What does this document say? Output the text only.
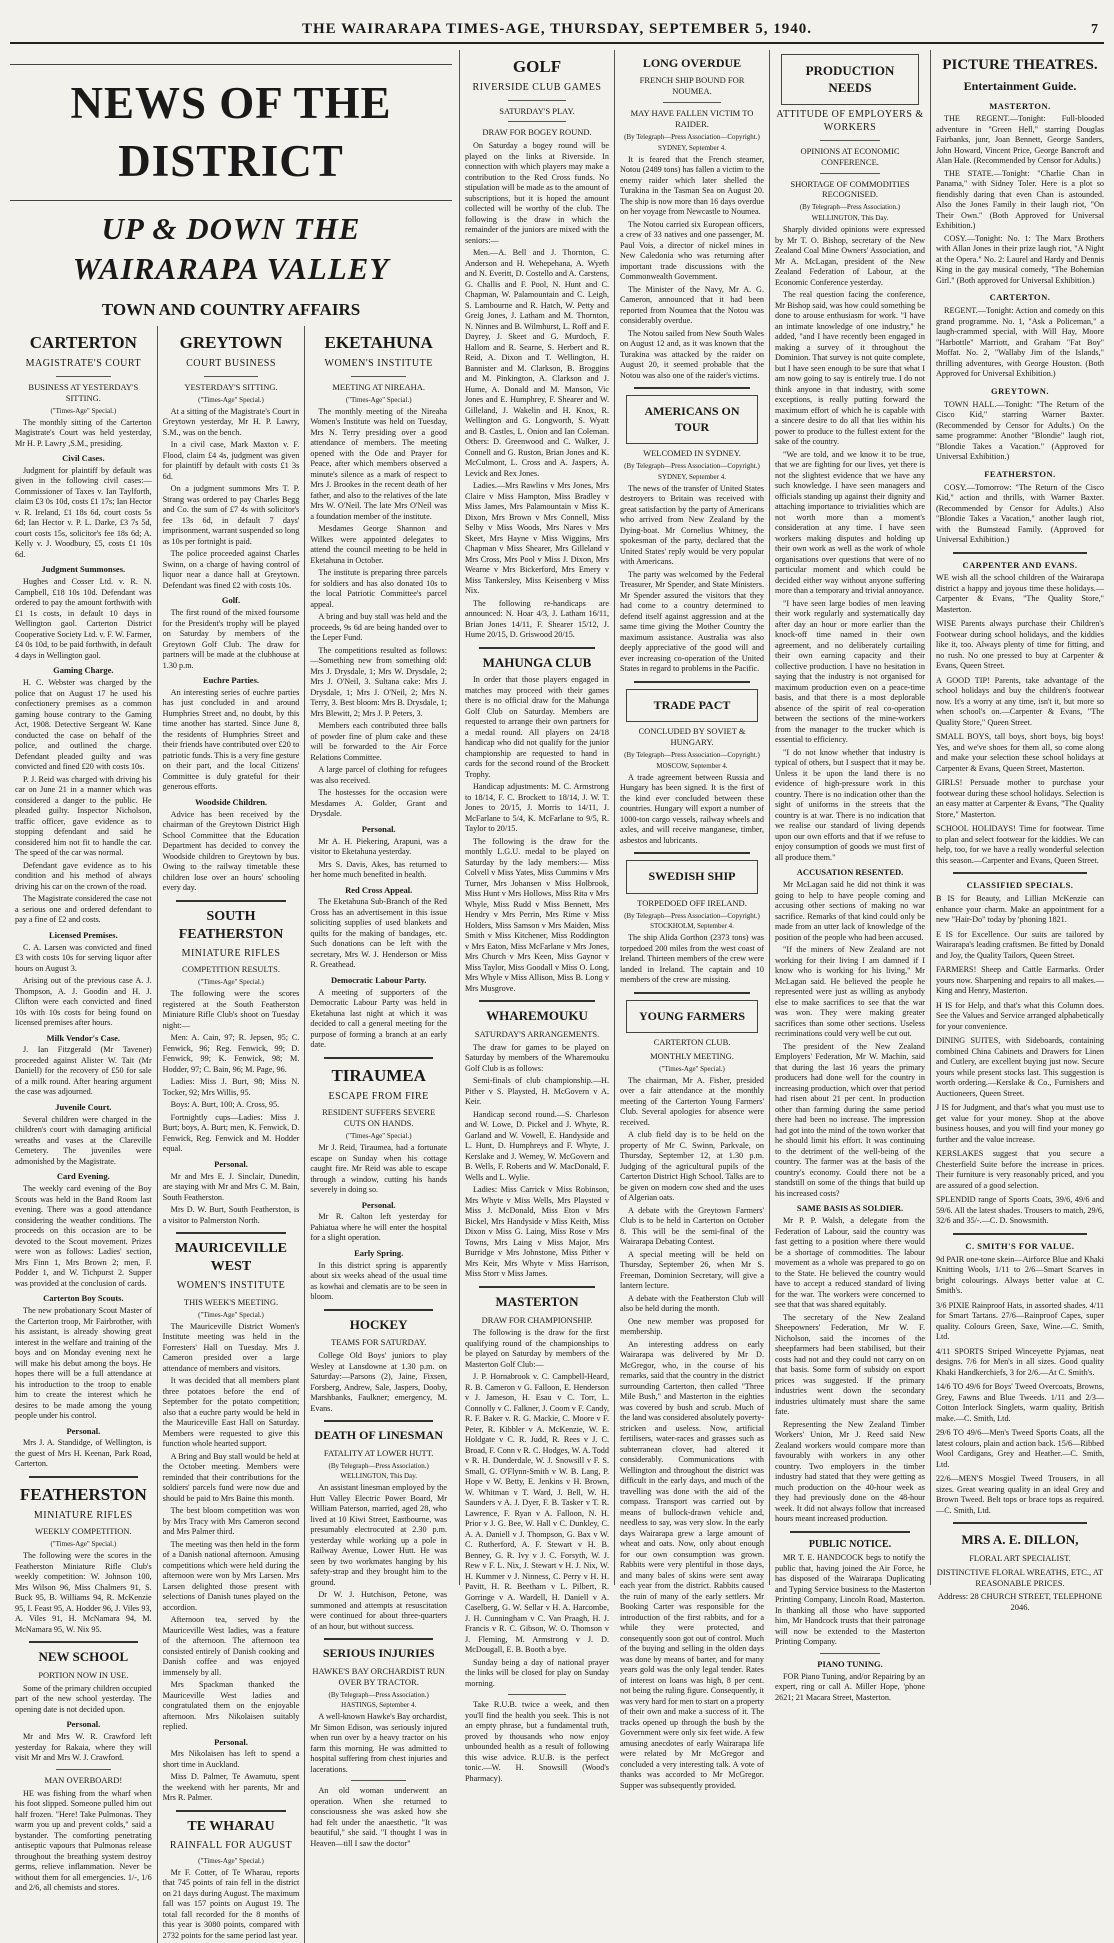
THE WAIRARAPA TIMES-AGE, THURSDAY, SEPTEMBER 5, 1940.	7
NEWS OF THE DISTRICT
UP & DOWN THE WAIRARAPA VALLEY
TOWN AND COUNTRY AFFAIRS
CARTERTON
MAGISTRATE'S COURT
BUSINESS AT YESTERDAY'S SITTING.
("Times-Age" Special.)

The monthly sitting of the Carterton Magistrate's Court was held yesterday, Mr H. P. Lawry ,S.M., presiding.

Civil Cases.

Judgment for plaintiff by default was given in the following civil cases:— Commissioner of Taxes v. Ian Taylforth, claim £3 0s 10d, costs £1 17s; Ian Hector v. R. Ireland, £1 18s 6d, court costs 5s 6d; Ian Hector v. P. L. Darke, £3 7s 5d, court costs 15s, solicitor's fee 18s 6d; A. Kelly v. J. Woodbury, £5, costs £1 10s 6d.

Judgment Summonses.

Hughes and Cosser Ltd. v. R. N. Campbell, £18 10s 10d. Defendant was ordered to pay the amount forthwith with £1 1s costs, in default 10 days in Wellington gaol. Carterton District Cooperative Society Ltd. v. F. W. Farmer, £4 0s 10d, to be paid forthwith, in default 4 days in Wellington gaol.

Gaming Charge.

H. C. Webster was charged by the police that on August 17 he used his confectionery premises as a common gaming house contrary to the Gaming Act, 1908. Detective Sergeant W. Kane conducted the case on behalf of the police, and outlined the charge. Defendant pleaded guilty and was convicted and fined £20 with costs 10s.

P. J. Reid was charged with driving his car on June 21 in a manner which was considered a danger to the public. He pleaded guilty. Inspector Nicholson, traffic officer, gave evidence as to stopping defendant and said he considered him not fit to handle the car. The speed of the car was normal.

Defendant gave evidence as to his condition and his method of always driving his car on the crown of the road.

The Magistrate considered the case not a serious one and ordered defendant to pay a fine of £2 and costs.

Licensed Premises.

C. A. Larsen was convicted and fined £3 with costs 10s for serving liquor after hours on August 3.

Arising out of the previous case A. J. Thompson, A. J. Goodin and H. J. Clifton were each convicted and fined 10s with 10s costs for being found on licensed premises after hours.

Milk Vendor's Case.

J. Ian Fitzgerald (Mr Tavener) proceeded against Alister W. Tait (Mr Daniell) for the recovery of £50 for sale of a milk round. After hearing argument the case was adjourned.

Juvenile Court.

Several children were charged in the children's court with damaging artificial wreaths and vases at the Clareville Cemetery. The juveniles were admonished by the Magistrate.

Card Evening.

The weekly card evening of the Boy Scouts was held in the Band Room last evening. There was a good attendance considering the weather conditions. The proceeds on this occasion are to be devoted to the Scout movement. Prizes were won as follows: Ladies' section, Mrs Finn 1, Mrs Brown 2; men, F. Podder 1, and W. Tichpurst 2. Supper was provided at the conclusion of cards.

Carterton Boy Scouts.

The new probationary Scout Master of the Carterton troop, Mr Fairbrother, with his assistant, is already showing great interest in the welfare and training of the boys and on Monday evening next he will make his debut among the boys. He hopes there will be a full attendance at his introduction to the troop to enable him to create the interest which he desires to be made among the young people under his control.

Personal.

Mrs J. A. Standidge, of Wellington, is the guest of Mrs H. Keenan, Park Road, Carterton.

FEATHERSTON
MINIATURE RIFLES
WEEKLY COMPETITION.
("Times-Age" Special.)

The following were the scores in the Featherston Miniature Rifle Club's weekly competition: W. Johnson 100, Mrs Wilson 96, Miss Chalmers 91, S. Buck 95, B. Williams 94, R. McKenzie 95, I. Feast 95, A. Hodder 96, J. Viles 93, A. Viles 91, H. McNamara 94, M. McNamara 95, W. Nix 95.

NEW SCHOOL
PORTION NOW IN USE.

Some of the primary children occupied part of the new school yesterday. The opening date is not decided upon.

Personal.

Mr and Mrs W. R. Crawford left yesterday for Rakaia, where they will visit Mr and Mrs W. J. Crawford.

MAN OVERBOARD!

HE was fishing from the wharf when his foot slipped. Someone pulled him out half frozen. "Here! Take Pulmonas. They warm you up and prevent colds," said a bystander. The comforting penetrating antiseptic vapours that Pulmonas release throughout the breathing system destroy germs, relieve inflammation. Never be without them for all emergencies. 1/-, 1/6 and 2/6, all chemists and stores.

GREYTOWN
COURT BUSINESS
YESTERDAY'S SITTING.
("Times-Age" Special.)

At a sitting of the Magistrate's Court in Greytown yesterday, Mr H. P. Lawry, S.M., was on the bench.

In a civil case, Mark Maxton v. F. Flood, claim £4 4s, judgment was given for plaintiff by default with costs £1 3s 6d.

On a judgment summons Mrs T. P. Strang was ordered to pay Charles Begg and Co. the sum of £7 4s with solicitor's fee 13s 6d, in default 7 days' imprisonment, warrant suspended so long as 10s per fortnight is paid.

The police proceeded against Charles Swinn, on a charge of having control of liquor near a dance hall at Greytown. Defendant was fined £2 with costs 10s.

Golf.

The first round of the mixed foursome for the President's trophy will be played on Saturday by members of the Greytown Golf Club. The draw for partners will be made at the clubhouse at 1.30 p.m.

Euchre Parties.

An interesting series of euchre parties has just concluded in and around Humphries Street and, no doubt, by this time another has started. Since June 8, the residents of Humphries Street and their friends have contributed over £20 to patriotic funds. This is a very fine gesture on their part, and the local Citizens' Committee is duly grateful for their generous efforts.

Woodside Children.

Advice has been received by the chairman of the Greytown District High School Committee that the Education Department has decided to convey the Woodside children to Greytown by bus. Owing to the railway timetable these children lose over an hours' schooling every day.

SOUTH FEATHERSTON
MINIATURE RIFLES
COMPETITION RESULTS.
("Times-Age" Special.)

The following were the scores registered at the South Featherston Miniature Rifle Club's shoot on Tuesday night:—

Men: A. Cain, 97; R. Jepsen, 95; C. Fenwick, 96; Reg. Fenwick, 99; D. Fenwick, 99; K. Fenwick, 98; M. Hodder, 97; C. Bain, 96; M. Page, 96.

Ladies: Miss J. Burt, 98; Miss N. Tocker, 92; Mrs Willis, 95.

Boys: A. Burt, 100; A. Cross, 95.

Fortnightly cups—Ladies: Miss J. Burt; boys, A. Burt; men, K. Fenwick, D. Fenwick, Reg. Fenwick and M. Hodder equal.

Personal.

Mr and Mrs E. J. Sinclair, Dunedin, are staying with Mr and Mrs C. M. Bain, South Featherston.

Mrs D. W. Burt, South Featherston, is a visitor to Palmerston North.

MAURICEVILLE WEST
WOMEN'S INSTITUTE
THIS WEEK'S MEETING.
("Times-Age" Special.)

The Mauriceville District Women's Institute meeting was held in the Forresters' Hall on Tuesday. Mrs J. Cameron presided over a large attendance of members and visitors.

It was decided that all members plant three potatoes before the end of September for the potato competition; also that a euchre party would be held in the Mauriceville East Hall on Saturday. Members were requested to give this function whole hearted support.

A Bring and Buy stall would be held at the October meeting. Members were reminded that their contributions for the soldiers' parcels fund were now due and should be paid to Mrs Baine this month.

The best bloom competition was won by Mrs Tracy with Mrs Cameron second and Mrs Palmer third.

The meeting was then held in the form of a Danish national afternoon. Amusing competitions which were held during the afternoon were won by Mrs Larsen. Mrs Larsen delighted those present with selections of Danish tunes played on the accordion.

Afternoon tea, served by the Mauriceville West ladies, was a feature of the afternoon. The afternoon tea consisted entirely of Danish cooking and Danish coffee and was enjoyed immensely by all.

Mrs Spackman thanked the Mauriceville West ladies and congratulated them on the enjoyable afternoon. Mrs Nikolaisen suitably replied.

Personal.

Mrs Nikolaisen has left to spend a short time in Auckland.

Miss D. Palmer, Te Awamutu, spent the weekend with her parents, Mr and Mrs R. Palmer.

TE WHARAU
RAINFALL FOR AUGUST
("Times-Age" Special.)

Mr F. Cotter, of Te Wharau, reports that 745 points of rain fell in the district on 21 days during August. The maximum fall was 157 points on August 19. The total fall recorded for the 8 months of this year is 3080 points, compared with 2732 points for the same period last year.

EKETAHUNA
WOMEN'S INSTITUTE
MEETING AT NIREAHA.
("Times-Age" Special.)

The monthly meeting of the Nireaha Women's Institute was held on Tuesday, Mrs N. Terry presiding over a good attendance of members. The meeting opened with the Ode and Prayer for Peace, after which members observed a minute's silence as a mark of respect to Mrs J. Brookes in the recent death of her father, and also to the relatives of the late Mrs W. O'Neil. The late Mrs O'Neil was a foundation member of the institute.

Mesdames George Shannon and Wilkes were appointed delegates to attend the council meeting to be held in Eketahuna in October.

The institute is preparing three parcels for soldiers and has also donated 10s to the local Patriotic Committee's parcel appeal.

A bring and buy stall was held and the proceeds, 9s 6d are being handed over to the Leper Fund.

The competitions resulted as follows:—Something new from something old: Mrs J. Drysdale, 1; Mrs W. Drysdale, 2; Mrs J. O'Neil, 3. Sultana cake: Mrs J. Drysdale, 1; Mrs J. O'Neil, 2; Mrs N. Terry, 3. Best bloom: Mrs B. Drysdale, 1; Mrs Blewitt, 2; Mrs J. P. Peters, 3.

Members each contributed three balls of powder fine of plum cake and these will be forwarded to the Air Force Relations Committee.

A large parcel of clothing for refugees was also received.

The hostesses for the occasion were Mesdames A. Golder, Grant and Drysdale.

Personal.

Mr A. H. Piekering, Arapuni, was a visitor to Eketahuna yesterday.

Mrs S. Davis, Akes, has returned to her home much benefited in health.

Red Cross Appeal.

The Eketahuna Sub-Branch of the Red Cross has an advertisement in this issue soliciting supplies of used blankets and quilts for the making of bandages, etc. Such donations can be left with the secretary, Mrs W. J. Henderson or Miss R. Greathead.

Democratic Labour Party.

A meeting of supporters of the Democratic Labour Party was held in Eketahuna last night at which it was decided to call a general meeting for the purpose of forming a branch at an early date.

TIRAUMEA
ESCAPE FROM FIRE
RESIDENT SUFFERS SEVERE CUTS ON HANDS.
("Times-Age" Special.)

Mr J. Reid, Tiraumea, had a fortunate escape on Sunday when his cottage caught fire. Mr Reid was able to escape through a window, cutting his hands severely in doing so.

Personal.

Mr R. Calton left yesterday for Pahiatua where he will enter the hospital for a slight operation.

Early Spring.

In this district spring is apparently about six weeks ahead of the usual time as kowhai and clematis are to be seen in bloom.

HOCKEY
TEAMS FOR SATURDAY.

College Old Boys' juniors to play Wesley at Lansdowne at 1.30 p.m. on Saturday:—Parsons (2), Jaine, Fixsen, Forsberg, Andrew, Sale, Jaspers, Dooby, Marshbanks, Faulkner; emergency, M. Evans.

DEATH OF LINESMAN
FATALITY AT LOWER HUTT.
(By Telegraph—Press Association.)
WELLINGTON, This Day.

An assistant linesman employed by the Hutt Valley Electric Power Board, Mr William Paterson, married, aged 28, who lived at 10 Kiwi Street, Eastbourne, was presumably electrocuted at 2.30 p.m. yesterday while working up a pole in Railway Avenue, Lower Hutt. He was seen by two workmates hanging by his safety-strap and they brought him to the ground.

Dr W. J. Hutchison, Petone, was summoned and attempts at resuscitation were continued for about three-quarters of an hour, but without success.

SERIOUS INJURIES
HAWKE'S BAY ORCHARDIST RUN OVER BY TRACTOR.
(By Telegraph—Press Association.)
HASTINGS, September 4.

A well-known Hawke's Bay orchardist, Mr Simon Edison, was seriously injured when run over by a heavy tractor on his farm this morning. He was admitted to hospital suffering from chest injuries and lacerations.

An old woman underwent an operation. When she returned to consciousness she was asked how she had felt under the anaesthetic. "It was beautiful," she said. "I thought I was in Heaven—till I saw the doctor"

GOLF
RIVERSIDE CLUB GAMES
SATURDAY'S PLAY.
DRAW FOR BOGEY ROUND.

On Saturday a bogey round will be played on the links at Riverside. In connection with which players may make a contribution to the Red Cross funds. No stipulation will be made as to the amount of subscriptions, but it is hoped the amount collected will be worthy of the club. The following is the draw in which the remainder of the juniors are mixed with the seniors:—

Men.—A. Bell and J. Thornton, C. Anderson and H. Wehepehana, A. Wyeth and N. Everitt, D. Costello and A. Carstens, G. Challis and F. Pool, N. Hunt and C. Chapman, W. Palamountain and C. Leigh, S. Lambourne and R. Hatch, W. Petty and Greig Jones, J. Latham and M. Thornton, N. Ninnes and B. Wilmhurst, L. Roff and F. Dayrey, J. Skeet and G. Murdoch, F. Hallom and R. Searne, S. Herbert and R. Reid, A. Dixon and T. Wellington, H. Bannister and M. Clarkson, B. Broggins and M. Pinkington, A. Clarkson and J. Hume, A. Donald and M. Manson, Vic Jones and E. Humphrey, F. Shearer and W. Gilleland, J. Wakelin and H. Knox, R. Wellington and G. Longworth, S. Wyatt and B. Castles, L. Onion and Ian Coleman. Others: D. Greenwood and C. Walker, J. Connell and G. Ruston, Brian Jones and K. McCulmont, L. Cross and A. Jaspers, A. Levick and Rex Jones.

Ladies.—Mrs Rawlins v Mrs Jones, Mrs Claire v Miss Hampton, Miss Bradley v Miss James, Mrs Palamountain v Miss K. Dixon, Mrs Brown v Mrs Connell, Miss Selby v Miss Woods, Mrs Nares v Mrs Skeet, Mrs Hayne v Miss Wiggins, Mrs Chapman v Miss Shearer, Mrs Gilleland v Mrs Cross, Mrs Pool v Miss J. Dixon, Mrs Wearne v Mrs Bickerford, Mrs Emery v Miss Tankersley, Miss Keisenberg v Miss Nix.

The following re-handicaps are announced: N. Hoar 4/3, J. Latham 16/11, Brian Jones 14/11, F. Shearer 15/12, J. Hume 20/15, D. Griswood 20/15.

MAHUNGA CLUB

In order that those players engaged in matches may proceed with their games there is no official draw for the Mahunga Golf Club on Saturday. Members are requested to arrange their own partners for a medal round. All players on 24/18 handicap who did not qualify for the junior championship are requested to hand in cards for the second round of the Brockett Trophy.

Handicap adjustments: M. C. Armstrong to 18/14, F. C. Brockett to 18/14, J. W. T. Jones to 20/15, J. Morris to 14/11, J. McFarlane to 5/4, K. McFarlane to 9/5, R. Taylor to 20/15.

The following is the draw for the monthly L.G.U. medal to be played on Saturday by the lady members:— Miss Colvell v Miss Yates, Miss Cummins v Mrs Turner, Mrs Johansen v Miss Holbrook, Miss Hunt v Mrs Hollows, Miss Rita v Mrs Whyle, Miss Rudd v Miss Bennett, Mrs Hendry v Mrs Perrin, Mrs Rime v Miss Holders, Miss Samson v Mrs Maiden, Miss Smith v Miss Kitchener, Miss Roddington v Mrs Eaton, Miss McFarlane v Mrs Jones, Mrs Church v Mrs Keen, Miss Gaynor v Miss Taylor, Miss Goodall v Miss O. Long, Mrs Whyle v Miss Allison, Miss B. Long v Mrs Musgrove.

WHAREMOUKU
SATURDAY'S ARRANGEMENTS.

The draw for games to be played on Saturday by members of the Wharemouku Golf Club is as follows:

Semi-finals of club championship.—H. Pither v S. Playsted, H. McGovern v A. Keir.

Handicap second round.—S. Charleson and W. Lowe, D. Pickel and J. Whyte, R. Garland and W. Vowell, E. Handyside and L. Hunt, D. Humphreys and F. Whyte, J. Kerslake and J. Wemey, W. McGovern and B. Wells, F. Roberts and W. MacDonald, F. Wells and L. Wylie.

Ladies: Miss Carrick v Miss Robinson, Mrs Whyte v Miss Wells, Mrs Playsted v Miss J. McDonald, Miss Eton v Mrs Bickel, Mrs Handyside v Miss Keith, Miss Dixon v Miss G. Laing, Miss Rose v Mrs Towns, Mrs Laing v Miss Major, Mrs Burridge v Mrs Johnstone, Miss Pither v Mrs Keir, Mrs Whyte v Miss Harrison, Miss Storr v Miss James.

MASTERTON
DRAW FOR CHAMPIONSHIP.

The following is the draw for the first qualifying round of the championships to be played on Saturday by members of the Masterton Golf Club:—

J. P. Hornabrook v. C. Campbell-Heard, R. B. Cameron v G. Falloon, E. Henderson v J. Jameson, H. Esau v C. Torr, L. Connolly v C. Falkner, J. Coom v F. Candy, R. F. Baker v. R. G. Mackie, C. Moore v F. Peter, R. Kibbler v A. McKenzie, W. E. Holdgate v C. R. Judd, R. Rees v J. C. Broad, F. Conn v R. C. Hodges, W. A. Todd v R. H. Dunderdale, W. J. Snowsill v F. S. Small, G. O'Flynn-Smith v W. B. Lang, P. Hope v W. Betty, E. Jenkins v H. Brown, W. Whitman v T. Ward, J. Bell, W. H. Saunders v A. J. Dyer, F. B. Tasker v T. R. Lawrence, F. Ryan v A. Falloon, N. H. Prior v J. G. Bee, W. Hall v C. Dunkley, C. A. A. Daniell v J. Thompson, G. Bax v W. C. Rutherford, A. F. Stewart v H. B. Benney, G. R. Ivy v J. C. Forsyth, W. J. Rew v F. L. Nix, J. Stewart v H. J. Nix, W. H. Kummer v J. Ninness, C. Perry v H. H. Pavitt, H. R. Beetham v L. Pilbert, R. Gorringe v A. Wardell, H. Daniell v A. Caselberg, G. W. Sellar v H. A. Harcombe, J. H. Cunningham v C. Van Praagh, H. J. Francis v R. C. Gibson, W. O. Thomson v J. Fleming, M. Armstrong v J. D. McDougall, E. B. Booth a bye.

Sunday being a day of national prayer the links will be closed for play on Sunday morning.

Take R.U.B. twice a week, and then you'll find the health you seek. This is not an empty phrase, but a fundamental truth, proved by thousands who now enjoy unbounded health as a result of following this wise advice. R.U.B. is the perfect tonic.—W. H. Snowsill (Wood's Pharmacy).

LONG OVERDUE
FRENCH SHIP BOUND FOR NOUMEA.
MAY HAVE FALLEN VICTIM TO RAIDER.
(By Telegraph—Press Association—Copyright.)
SYDNEY, September 4.

It is feared that the French steamer, Notou (2489 tons) has fallen a victim to the enemy raider which later shelled the Turakina in the Tasman Sea on August 20. The ship is now more than 16 days overdue on her voyage from Newcastle to Noumea.

The Notou carried six European officers, a crew of 33 natives and one passenger, M. Paul Vois, a director of nickel mines in New Caledonia who was returning after important trade discussions with the Commonwealth Government.

The Minister of the Navy, Mr A. G. Cameron, announced that it had been reported from Noumea that the Notou was considerably overdue.

The Notou sailed from New South Wales on August 12 and, as it was known that the Turakina was attacked by the raider on August 20, it seemed probable that the Notou was also one of the raider's victims.

AMERICANS ON TOUR
WELCOMED IN SYDNEY.
(By Telegraph—Press Association—Copyright.)
SYDNEY, September 4.

The news of the transfer of United States destroyers to Britain was received with great satisfaction by the party of Americans who arrived from New Zealand by the Dying-boat. Mr Cornelius Whitney, the spokesman of the party, declared that the United States' reply would be very popular with Americans.

The party was welcomed by the Federal Treasurer, Mr Spender, and State Ministers. Mr Spender assured the visitors that they had come to a country determined to defend itself against aggression and at the same time giving the Mother Country the maximum assistance. Australia was also deeply appreciative of the good will and ever increasing co-operation of the United States in regard to problems in the Pacific.

TRADE PACT
CONCLUDED BY SOVIET & HUNGARY.
(By Telegraph—Press Association—Copyright.)
MOSCOW, September 4.

A trade agreement between Russia and Hungary has been signed. It is the first of the kind ever concluded between these countries. Hungary will export a number of 1000-ton cargo vessels, railway wheels and axles, and will receive manganese, timber, asbestos and lubricants.

SWEDISH SHIP
TORPEDOED OFF IRELAND.
(By Telegraph—Press Association—Copyright.)
STOCKHOLM, September 4.

The ship Alida Gorthon (2373 tons) was torpedoed 200 miles from the west coast of Ireland. Thirteen members of the crew were landed in Ireland. The captain and 10 members of the crew are missing.

YOUNG FARMERS
CARTERTON CLUB.
MONTHLY MEETING.
("Times-Age" Special.)

The chairman, Mr A. Fisher, presided over a fair attendance at the monthly meeting of the Carterton Young Farmers' Club. Several apologies for absence were received.

A club field day is to be held on the property of Mr C. Swinn, Parkvale, on Thursday, September 12, at 1.30 p.m. Judging of the agricultural pupils of the Carterton District High School. Talks are to be given on modern cow shed and the uses of Algerian oats.

A debate with the Greytown Farmers' Club is to be held in Carterton on October 8. This will be the semi-final of the Wairarapa Debating Contest.

A special meeting will be held on Thursday, September 26, when Mr S. Freeman, Dominion Secretary, will give a lantern lecture.

A debate with the Featherston Club will also be held during the month.

One new member was proposed for membership.

An interesting address on early Wairarapa was delivered by Mr D. McGregor, who, in the course of his remarks, said that the country in the district surrounding Carterton, then called "Three Mile Bush," and Masterton in the eighties was covered by bush and scrub. Much of the land was considered absolutely poverty-stricken and useless. Now, artificial fertilisers, water-races and grasses such as subterranean clover, had altered it considerably. Communications with Wellington and throughout the district was difficult in the early days, and much of the travelling was done with the aid of the compass. Transport was carried out by means of bullock-drawn vehicle and, needless to say, was very slow. In the early days Wairarapa grew a large amount of wheat and oats. Now, only about enough for our own consumption was grown. Rabbits were very plentiful in those days, and many bales of skins were sent away each year from the district. Rabbits caused the ruin of many of the early settlers. Mr Booking Carter was responsible for the introduction of the first rabbits, and for a while they were protected, and consequently soon got out of control. Much of the buying and selling in the olden days was done by means of barter, and for many years gold was the only legal tender. Rates of interest on loans was high, 8 per cent. not being the ruling figure. Consequently, it was very hard for men to start on a property of their own and make a success of it. The tracks opened up through the bush by the Government were only six feet wide. A few amusing anecdotes of early Wairarapa life were related by Mr McGregor and concluded a very interesting talk. A vote of thanks was accorded to Mr McGregor. Supper was subsequently provided.

PRODUCTION NEEDS
ATTITUDE OF EMPLOYERS & WORKERS
OPINIONS AT ECONOMIC CONFERENCE.
SHORTAGE OF COMMODITIES RECOGNISED.
(By Telegraph—Press Association.)
WELLINGTON, This Day.

Sharply divided opinions were expressed by Mr T. O. Bishop, secretary of the New Zealand Coal Mine Owners' Association, and Mr A. McLagan, president of the New Zealand Federation of Labour, at the Economic Conference yesterday.

The real question facing the conference, Mr Bishop said, was how could something be done to arouse enthusiasm for work. "I have an intimate knowledge of one industry," he added, "and I have recently been engaged in making a survey of it throughout the Dominion. That survey is not quite complete, but I have seen enough to be sure that what I am now going to say is entirely true. I do not think anyone in that industry, with some exceptions, is really putting forward the maximum effort of which he is capable with a sincere desire to do all that lies within his power to produce to the fullest extent for the sake of the country.

"We are told, and we know it to be true, that we are fighting for our lives, yet there is not the slightest evidence that we have any such knowledge. I have seen managers and officials standing up against their dignity and attaching importance to trivialities which are not worth more than a moment's consideration at any time. I have seen workers making disputes and holding up their own work as well as the work of whole organisations over questions that were of no particular moment and which could be decided either way without anyone suffering more than a temporary and trivial annoyance.

"I have seen large bodies of men leaving their work regularly and systematically day after day an hour or more earlier than the knock-off time named in their own agreement, and no deliberately curtailing their own earning capacity and their collective production. I have no hesitation in saying that the industry is not organised for maximum production even on a peace-time basis, and that there is a most deplorable absence of the spirit of real co-operation between the sections of the mine-workers from the manager to the trucker which is essential to efficiency.

"I do not know whether that industry is typical of others, but I suspect that it may be. Unless it be upon the land there is no evidence of high-pressure work in this country. There is no indication other than the sight of uniforms in the streets that the country is at war. There is no indication that we realise our standard of living depends upon our own efforts and that if we refuse to enjoy consumption of goods we must first of all produce them."

ACCUSATION RESENTED.

Mr McLagan said he did not think it was going to help to have people coming and accusing other sections of making no war sacrifice. Remarks of that kind could only be made from an utter lack of knowledge of the position of the people who had been accused.

"If the miners of New Zealand are not working for their living I am damned if I know who is working for his living," Mr McLagan said. He believed the people he represented were just as willing as anybody else to make sacrifices to see that the war was won. They were making greater sacrifices than some other sections. Useless recriminations could very well be cut out.

The president of the New Zealand Employers' Federation, Mr W. Machin, said that during the last 16 years the primary producers had done well for the country in increasing production, which over that period had risen about 21 per cent. In production other than farming during the same period there had been no increase. The impression had got into the mind of the town worker that he should limit his effort. It was continuing to the detriment of the well-being of the country. The farmer was at the basis of the country's economy. Could there not be a standstill on some of the things that build up his increased costs?

SAME BASIS AS SOLDIER.

Mr P. P. Walsh, a delegate from the Federation of Labour, said the country was fast getting to a position where there would be a shortage of commodities. The labour movement as a whole was prepared to go on to the State. He believed the country would have to accept a reduced standard of living for the war. The workers were concerned to see that that was shared equitably.

The secretary of the New Zealand Sheepowners' Federation, Mr W. F. Nicholson, said the incomes of the sheepfarmers had been stabilised, but their costs had not and they could not carry on on that basis. Some form of subsidy on export prices was suggested. If the primary industries went down the secondary industries ultimately must share the same fate.

Representing the New Zealand Timber Workers' Union, Mr J. Reed said New Zealand workers would compare more than favourably with workers in any other country. Two employers in the timber industry had stated that they were getting as much production on the 40-hour week as they had previously done on the 48-hour week. It did not always follow that increased hours meant increased production.

PUBLIC NOTICE.

MR T. E. HANDCOCK begs to notify the public that, having joined the Air Force, he has disposed of the Wairarapa Duplicating and Typing Service business to the Masterton Printing Company, Lincoln Road, Masterton. In thanking all those who have supported him, Mr Handcock trusts that their patronage will now be extended to the Masterton Printing Company.

PIANO TUNING.

FOR Piano Tuning, and/or Repairing by an expert, ring or call A. Miller Hope, 'phone 2621; 21 Macara Street, Masterton.

PICTURE THEATRES.
Entertainment Guide.
MASTERTON.

THE REGENT.—Tonight: Full-blooded adventure in "Green Hell," starring Douglas Fairbanks, junr, Joan Bennett, George Sanders, John Howard, Vincent Price, George Bancroft and Alan Hale. (Recommended by Censor for Adults.)

THE STATE.—Tonight: "Charlie Chan in Panama," with Sidney Toler. Here is a plot so fiendishly daring that even Chan is astounded. Also the Jones Family in their laugh riot, "On Their Own." (Both Approved for Universal Exhibition.)

COSY.—Tonight: No. 1: The Marx Brothers with Allan Jones in their prize laugh riot, "A Night at the Opera." No. 2: Laurel and Hardy and Dennis King in the gay musical comedy, "The Bohemian Girl." (Both approved for Universal Exhibition.)

CARTERTON.

REGENT.—Tonight: Action and comedy on this grand programme. No. 1, "Ask a Policeman," a laugh-crammed special, with Will Hay, Moore "Harbottle" Marriott, and Graham "Fat Boy" Moffat. No. 2, "Wallaby Jim of the Islands," thrilling adventures, with George Houston. (Both Approved for Universal Exhibition.)

GREYTOWN.

TOWN HALL.—Tonight: "The Return of the Cisco Kid," starring Warner Baxter. (Recommended by Censor for Adults.) On the same programme: Another "Blondie" laugh riot, "Blondie Takes a Vacation." (Approved for Universal Exhibition.)

FEATHERSTON.

COSY.—Tomorrow: "The Return of the Cisco Kid," action and thrills, with Warner Baxter. (Recommended by Censor for Adults.) Also "Blondie Takes a Vacation," another laugh riot, with the Bumstead Family. (Approved for Universal Exhibition.)

CARPENTER AND EVANS.

WE wish all the school children of the Wairarapa district a happy and joyous time these holidays.—Carpenter & Evans, "The Quality Store," Masterton.

WISE Parents always purchase their Children's Footwear during school holidays, and the kiddies like it, too. Always plenty of time for fitting, and no rush. No one pressed to buy at Carpenter & Evans, Queen Street.

A GOOD TIP! Parents, take advantage of the school holidays and buy the children's footwear now. It's a worry at any time, isn't it, but more so when school's on.—Carpenter & Evans, "The Quality Store," Queen Street.

SMALL BOYS, tall boys, short boys, big boys! Yes, and we've shoes for them all, so come along and make your selection these school holidays at Carpenter & Evans, Queen Street, Masterton.

GIRLS! Persuade mother to purchase your footwear during these school holidays. Selection is an easy matter at Carpenter & Evans, "The Quality Store," Masterton.

SCHOOL HOLIDAYS! Time for footwear. Time to plan and select footwear for the kiddies. We can help, too, for we have a really wonderful selection this season.—Carpenter and Evans, Queen Street.

CLASSIFIED SPECIALS.

B IS for Beauty, and Lillian McKenzie can enhance your charm. Make an appointment for a new "Hair-Do" today by 'phoning 1821.

E IS for Excellence. Our suits are tailored by Wairarapa's leading craftsmen. Be fitted by Donald and Joy, the Quality Tailors, Queen Street.

FARMERS! Sheep and Cattle Earmarks. Order yours now. Sharpening and repairs to all makes.—King and Henry, Masterton.

H IS for Help, and that's what this Column does. See the Values and Service arranged alphabetically for your convenience.

DINING SUITES, with Sideboards, containing combined China Cabinets and Drawers for Linen and Cutlery, are excellent buying just now. Secure yours while present stocks last. This suggestion is worth ordering.—Kerslake & Co., Furnishers and Auctioneers, Queen Street.

J IS for Judgment, and that's what you must use to get value for your money. Shop at the above business houses, and you will find your money go further and the value increase.

KERSLAKES suggest that you secure a Chesterfield Suite before the increase in prices. Their furniture is very reasonably priced, and you are assured of a good selection.

SPLENDID range of Sports Coats, 39/6, 49/6 and 59/6. All the latest shades. Trousers to match, 29/6, 32/6 and 35/-.—C. D. Snowsmith.

C. SMITH'S FOR VALUE.

9d PAIR one-tone skein—Airforce Blue and Khaki Knitting Wools, 1/11 to 2/6—Smart Scarves in bright colourings. Always better value at C. Smith's.

3/6 PIXIE Rainproof Hats, in assorted shades. 4/11 for Smart Tartans. 27/6—Rainproof Capes, super quality. Colours Green, Saxe, Wine.—C. Smith, Ltd.

4/11 SPORTS Striped Winceyette Pyjamas, neat designs. 7/6 for Men's in all sizes. Good quality Khaki Handkerchiefs, 3 for 2/6.—At C. Smith's.

14/6 TO 49/6 for Boys' Tweed Overcoats, Browns, Grey, Fawns and Blue Tweeds. 1/11 and 2/3—Cotton Interlock Singlets, warm quality, British make.—C. Smith, Ltd.

29/6 TO 49/6—Men's Tweed Sports Coats, all the latest colours, plain and action back. 15/6—Ribbed Wool Cardigans, Grey and Heather.—C. Smith, Ltd.

22/6—MEN'S Mosgiel Tweed Trousers, in all sizes. Great wearing quality in an ideal Grey and Brown Tweed. Belt tops or brace tops as required.—C. Smith, Ltd.

MRS A. E. DILLON,
FLORAL ART SPECIALIST.
DISTINCTIVE FLORAL WREATHS, ETC., AT REASONABLE PRICES.
Address: 28 CHURCH STREET, TELEPHONE 2046.
